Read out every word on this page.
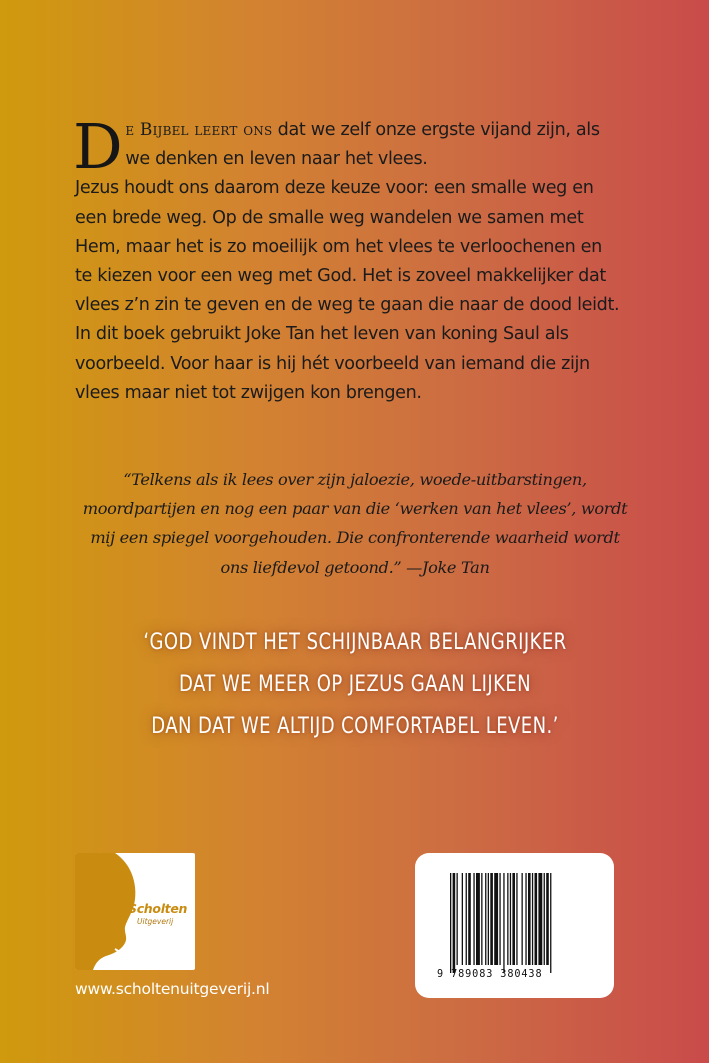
De Bijbel leert ons dat we zelf onze ergste vijand zijn, als we denken en leven naar het vlees.

Jezus houdt ons daarom deze keuze voor: een smalle weg en een brede weg. Op de smalle weg wandelen we samen met Hem, maar het is zo moeilijk om het vlees te verloochenen en te kiezen voor een weg met God. Het is zoveel makkelijker dat vlees z’n zin te geven en de weg te gaan die naar de dood leidt.

In dit boek gebruikt Joke Tan het leven van koning Saul als voorbeeld. Voor haar is hij hét voorbeeld van iemand die zijn vlees maar niet tot zwijgen kon brengen.

“Telkens als ik lees over zijn jaloezie, woede-uitbarstingen, moordpartijen en nog een paar van die ‘werken van het vlees’, wordt mij een spiegel voorgehouden. Die confronterende waarheid wordt ons liefdevol getoond.” —Joke Tan

‘GOD VINDT HET SCHIJNBAAR BELANGRIJKER

DAT WE MEER OP JEZUS GAAN LIJKEN

DAN DAT WE ALTIJD COMFORTABEL LEVEN.’

Scholten
Uitgeverij
www.scholtenuitgeverij.nl
9 789083 380438
